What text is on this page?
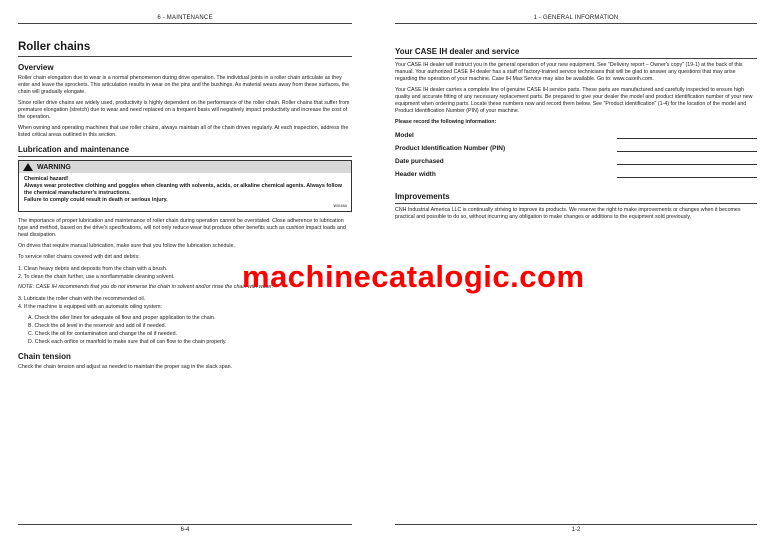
6 - MAINTENANCE
Roller chains
Overview

Roller chain elongation due to wear is a normal phenomenon during drive operation. The individual joints in a roller chain articulate as they enter and leave the sprockets. This articulation results in wear on the pins and the bushings. As material wears away from these surfaces, the chain will gradually elongate.

Since roller drive chains are widely used, productivity is highly dependent on the performance of the roller chain. Roller chains that suffer from premature elongation (stretch) due to wear and need replaced on a frequent basis will negatively impact productivity and increase the cost of the operation.

When owning and operating machines that use roller chains, always maintain all of the chain drives regularly. At each inspection, address the listed critical areas outlined in this section.

Lubrication and maintenance
WARNING
Chemical hazard!
Always wear protective clothing and goggles when cleaning with solvents, acids, or alkaline chemical agents. Always follow the chemical manufacturer's instructions.
Failure to comply could result in death or serious injury.
W0165A

The importance of proper lubrication and maintenance of roller chain during operation cannot be overstated. Close adherence to lubrication type and method, based on the drive's specifications, will not only reduce wear but produce other benefits such as cushion impact loads and heat dissipation.

On drives that require manual lubrication, make sure that you follow the lubrication schedule.

To service roller chains covered with dirt and debris:

1. Clean heavy debris and deposits from the chain with a brush.
2. To clean the chain further, use a nonflammable cleaning solvent.

NOTE: CASE IH recommends that you do not immerse the chain in solvent and/or rinse the chain with water.

3. Lubricate the roller chain with the recommended oil.
4. If the machine is equipped with an automatic oiling system:
A. Check the oiler lines for adequate oil flow and proper application to the chain.
B. Check the oil level in the reservoir and add oil if needed.
C. Check the oil for contamination and change the oil if needed.
D. Check each orifice or manifold to make sure that oil can flow to the chain properly.
Chain tension

Check the chain tension and adjust as needed to maintain the proper sag in the slack span.

6-4
1 - GENERAL INFORMATION
Your CASE IH dealer and service

Your CASE IH dealer will instruct you in the general operation of your new equipment. See "Delivery report – Owner's copy" (19-1) at the back of this manual. Your authorized CASE IH dealer has a staff of factory-trained service technicians that will be glad to answer any questions that may arise regarding the operation of your machine. Case IH Max Service may also be available. Go to: www.caseih.com.

Your CASE IH dealer carries a complete line of genuine CASE IH service parts. These parts are manufactured and carefully inspected to ensure high quality and accurate fitting of any necessary replacement parts. Be prepared to give your dealer the model and product identification number of your new equipment when ordering parts. Locate these numbers now and record them below. See "Product identification" (1-4) for the location of the model and Product Identification Number (PIN) of your machine.

Please record the following information:

Model
Product Identification Number (PIN)
Date purchased
Header width
Improvements

CNH Industrial America LLC is continually striving to improve its products. We reserve the right to make improvements or changes when it becomes practical and possible to do so, without incurring any obligation to make changes or additions to the equipment sold previously.

1-2
machinecatalogic.com
